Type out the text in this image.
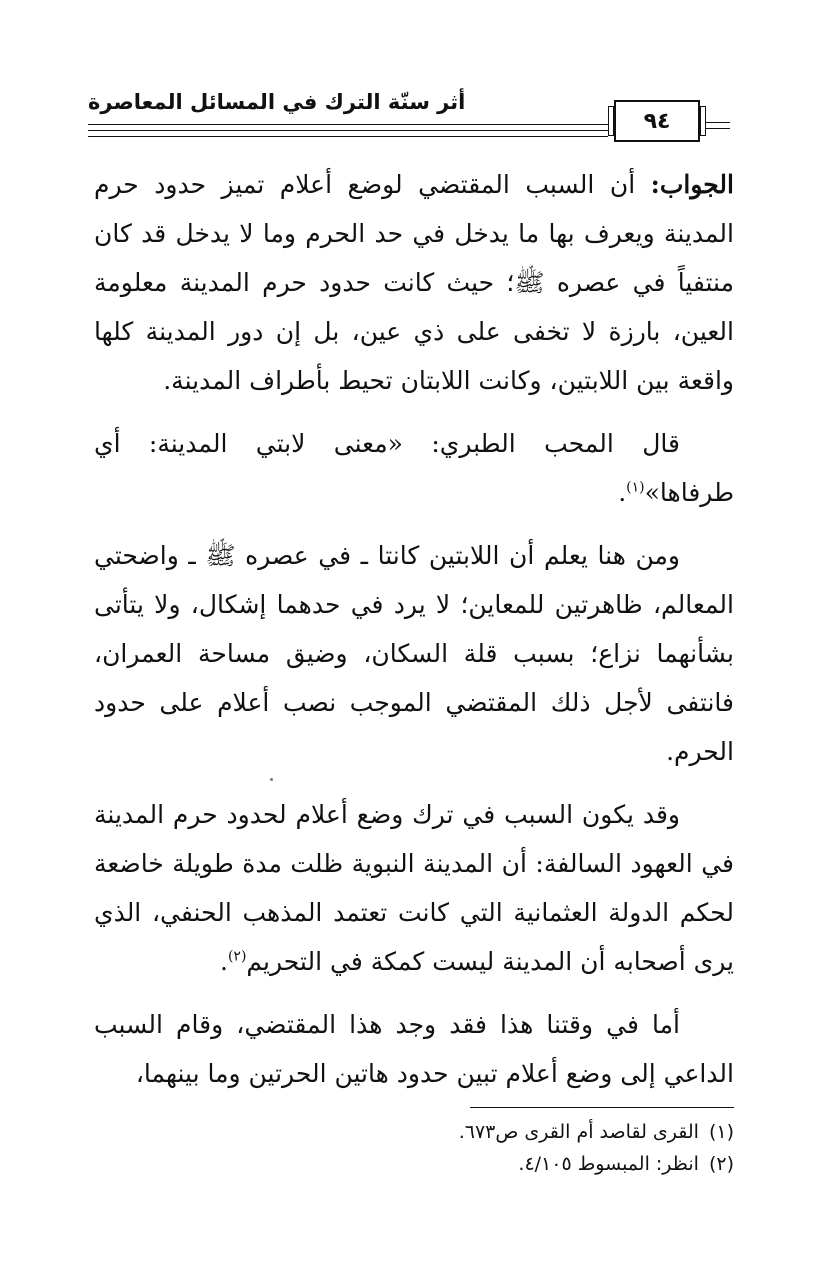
أثر سنّة الترك في المسائل المعاصرة
٩٤

الجواب: أن السبب المقتضي لوضع أعلام تميز حدود حرم المدينة ويعرف بها ما يدخل في حد الحرم وما لا يدخل قد كان منتفياً في عصره ﷺ؛ حيث كانت حدود حرم المدينة معلومة العين، بارزة لا تخفى على ذي عين، بل إن دور المدينة كلها واقعة بين اللابتين، وكانت اللابتان تحيط بأطراف المدينة.

قال المحب الطبري: «معنى لابتي المدينة: أي طرفاها»$^{(١)}$.

ومن هنا يعلم أن اللابتين كانتا ـ في عصره ﷺ ـ واضحتي المعالم، ظاهرتين للمعاين؛ لا يرد في حدهما إشكال، ولا يتأتى بشأنهما نزاع؛ بسبب قلة السكان، وضيق مساحة العمران، فانتفى لأجل ذلك المقتضي الموجب نصب أعلام على حدود الحرم.

وقد يكون السبب في ترك وضع أعلام لحدود حرم المدينة في العهود السالفة: أن المدينة النبوية ظلت مدة طويلة خاضعة لحكم الدولة العثمانية التي كانت تعتمد المذهب الحنفي، الذي يرى أصحابه أن المدينة ليست كمكة في التحريم$^{(٢)}$.

أما في وقتنا هذا فقد وجد هذا المقتضي، وقام السبب الداعي إلى وضع أعلام تبين حدود هاتين الحرتين وما بينهما،

(١)القرى لقاصد أم القرى ص٦٧٣.
(٢)انظر: المبسوط ٤/١٠٥.
